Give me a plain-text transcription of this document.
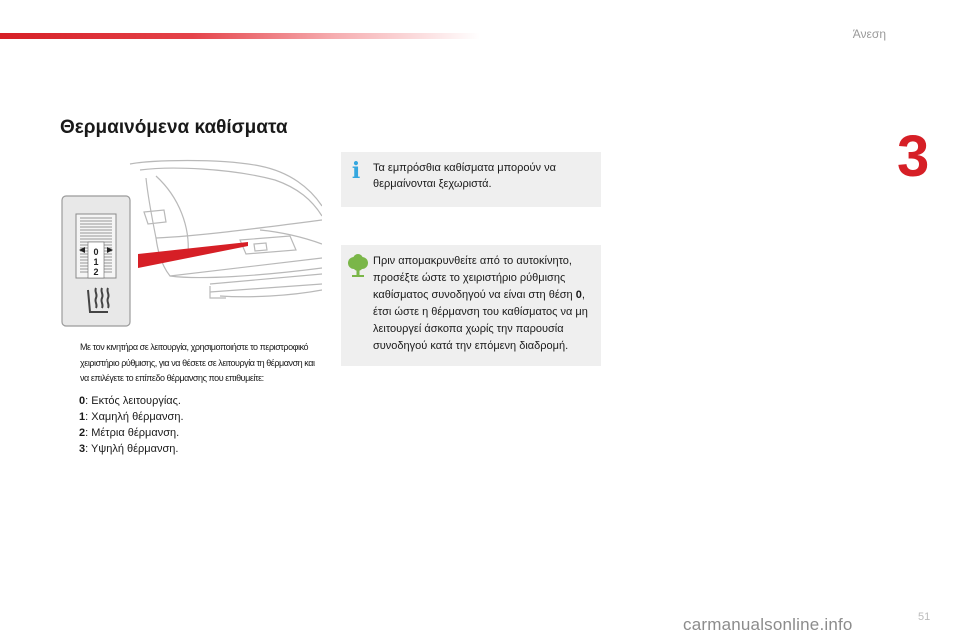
Άνεση
3
Θερμαινόμενα καθίσματα
0
1
2
Με τον κινητήρα σε λειτουργία, χρησιμοποιήστε το περιστροφικό χειριστήριο ρύθμισης, για να θέσετε σε λειτουργία τη θέρμανση και να επιλέγετε το επίπεδο θέρμανσης που επιθυμείτε:
0: Εκτός λειτουργίας.
1: Χαμηλή θέρμανση.
2: Μέτρια θέρμανση.
3: Υψηλή θέρμανση.
i Τα εμπρόσθια καθίσματα μπορούν να θερμαίνονται ξεχωριστά.
Πριν απομακρυνθείτε από το αυτοκίνητο, προσέξτε ώστε το χειριστήριο ρύθμισης καθίσματος συνοδηγού να είναι στη θέση 0, έτσι ώστε η θέρμανση του καθίσματος να μη λειτουργεί άσκοπα χωρίς την παρουσία συνοδηγού κατά την επόμενη διαδρομή.
51
carmanualsonline.info
